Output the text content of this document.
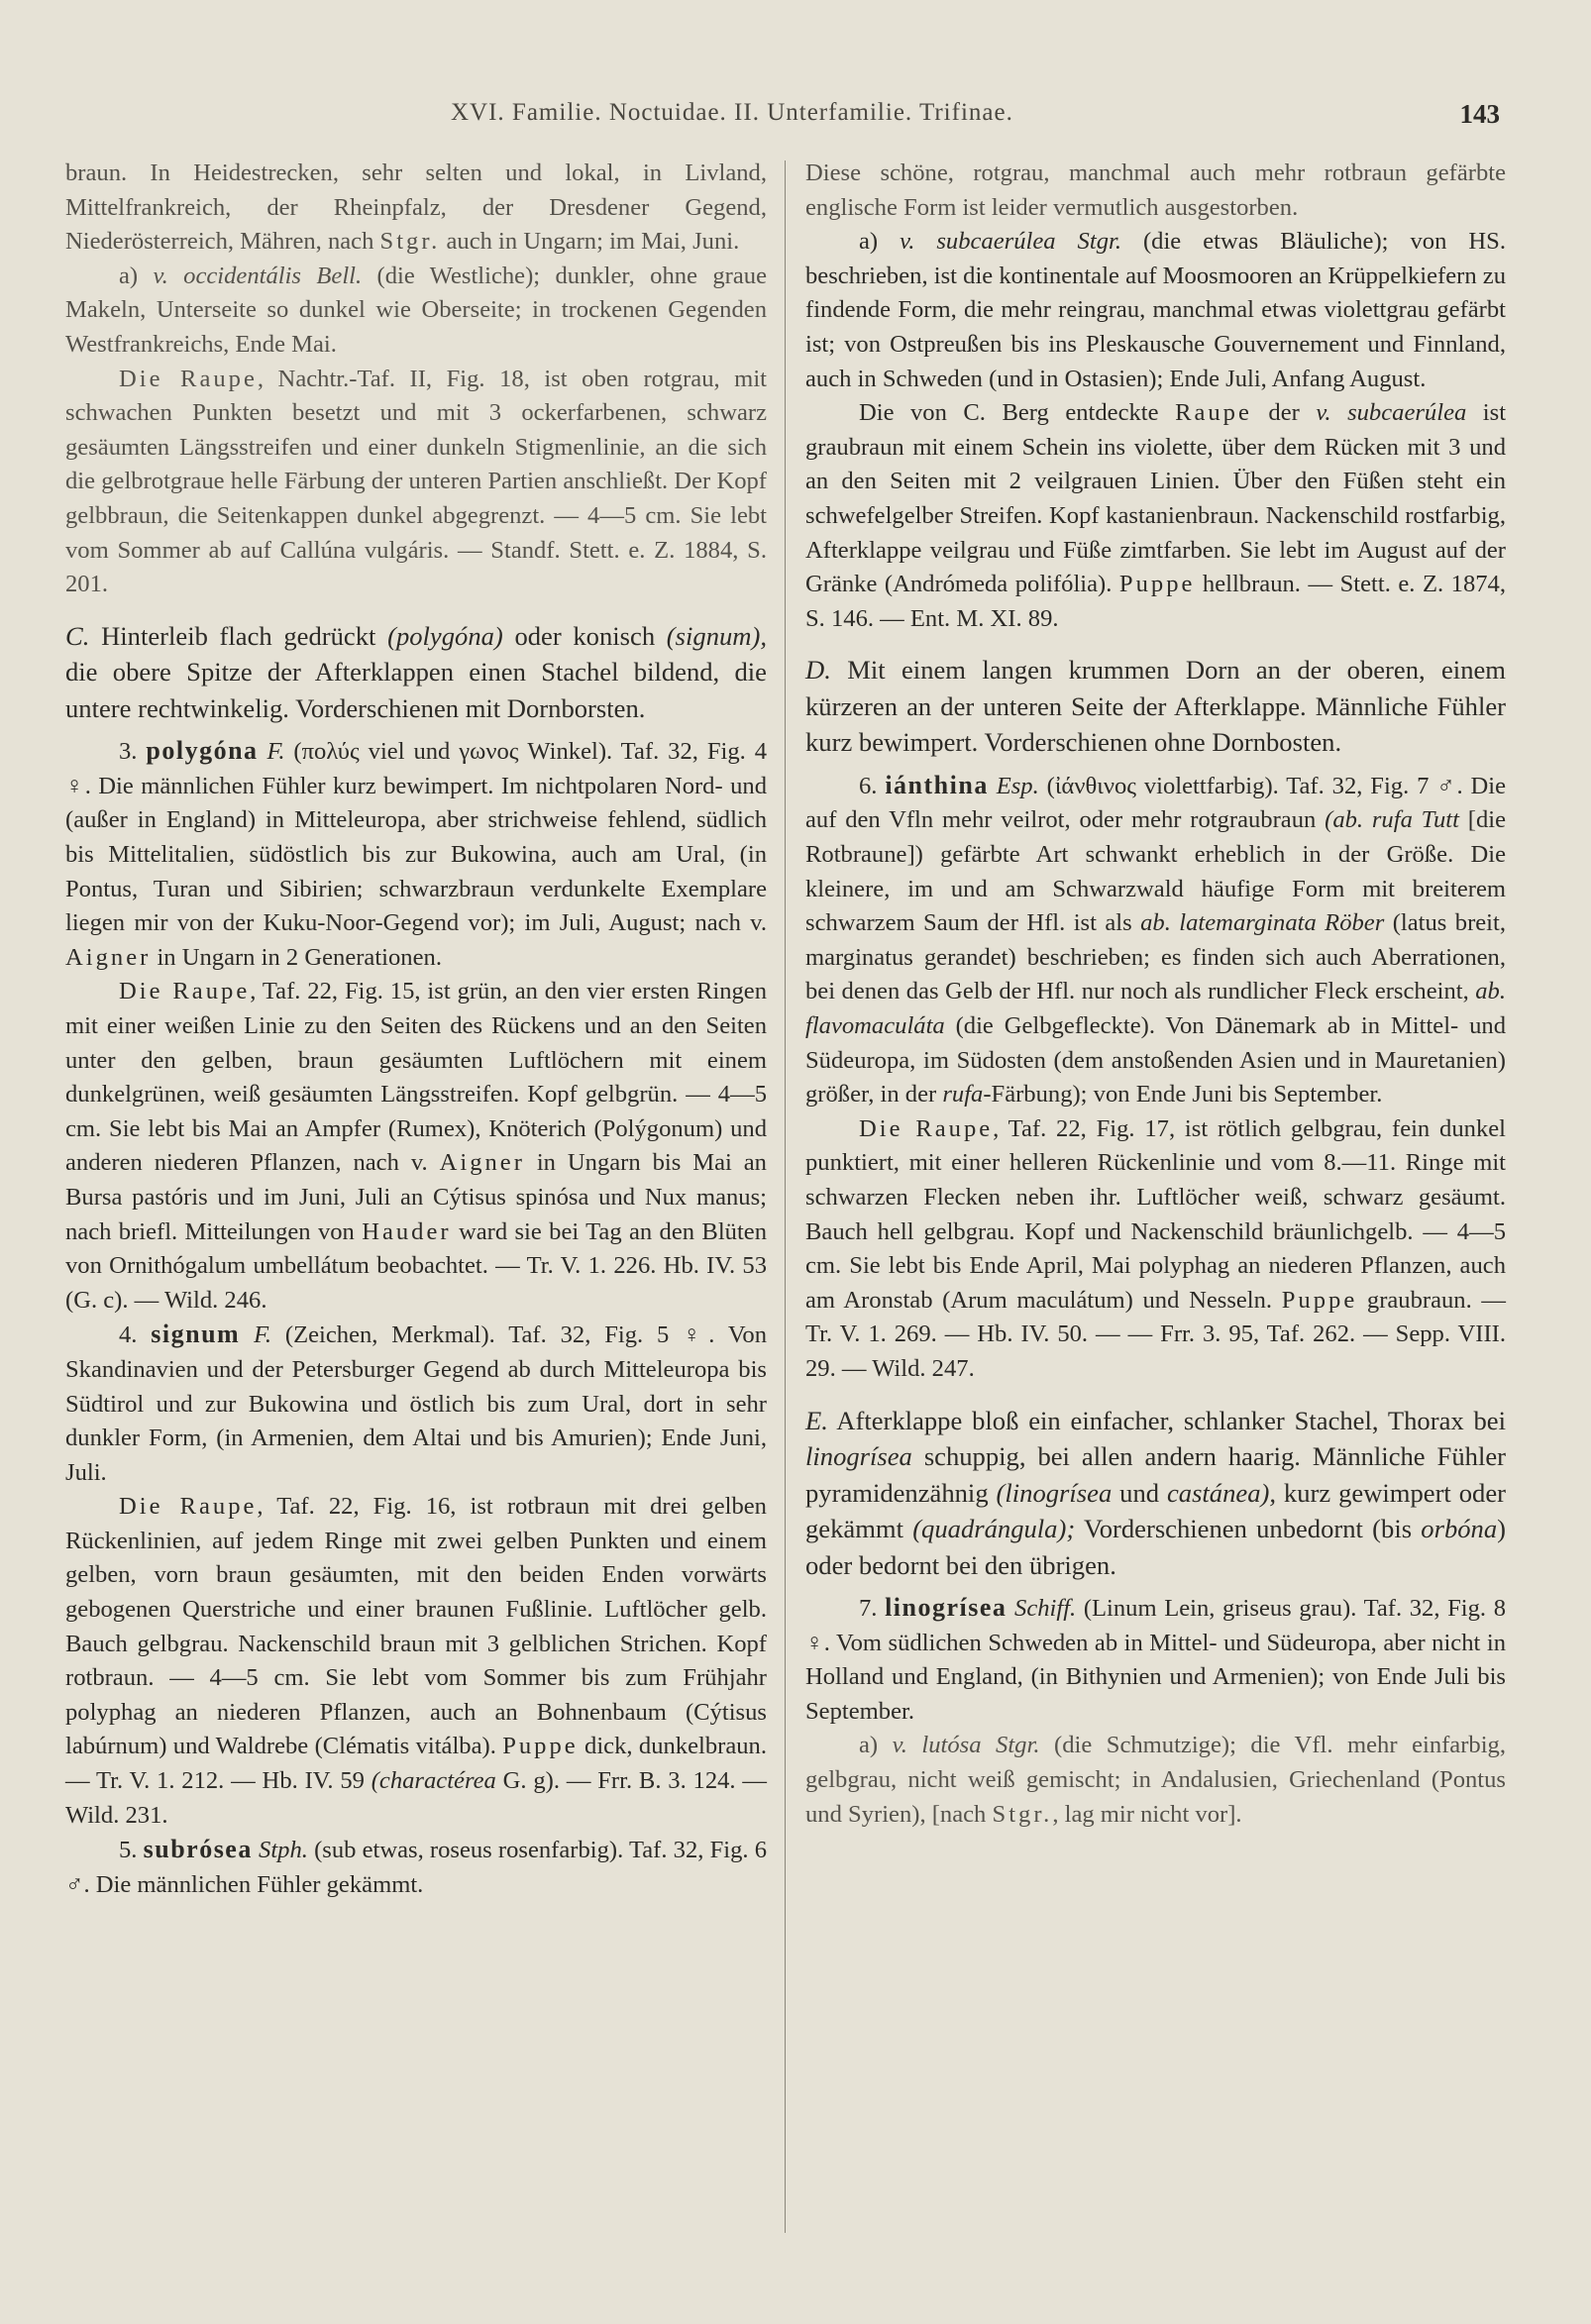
XVI. Familie. Noctuidae. II. Unterfamilie. Trifinae.	143

braun. In Heidestrecken, sehr selten und lokal, in Livland, Mittelfrankreich, der Rheinpfalz, der Dresdener Gegend, Niederösterreich, Mähren, nach Stgr. auch in Ungarn; im Mai, Juni.

a) v. occidentális Bell. (die Westliche); dunkler, ohne graue Makeln, Unterseite so dunkel wie Oberseite; in trockenen Gegenden Westfrankreichs, Ende Mai.

Die Raupe, Nachtr.-Taf. II, Fig. 18, ist oben rotgrau, mit schwachen Punkten besetzt und mit 3 ockerfarbenen, schwarz gesäumten Längsstreifen und einer dunkeln Stigmenlinie, an die sich die gelbrotgraue helle Färbung der unteren Partien anschließt. Der Kopf gelbbraun, die Seitenkappen dunkel abgegrenzt. — 4—5 cm. Sie lebt vom Sommer ab auf Callúna vulgáris. — Standf. Stett. e. Z. 1884, S. 201.

C. Hinterleib flach gedrückt (polygóna) oder konisch (signum), die obere Spitze der Afterklappen einen Stachel bildend, die untere rechtwinkelig. Vorderschienen mit Dornborsten.

3. polygóna F. (πολύς viel und γωνος Winkel). Taf. 32, Fig. 4 ♀. Die männlichen Fühler kurz bewimpert. Im nichtpolaren Nord- und (außer in England) in Mitteleuropa, aber strichweise fehlend, südlich bis Mittelitalien, südöstlich bis zur Bukowina, auch am Ural, (in Pontus, Turan und Sibirien; schwarzbraun verdunkelte Exemplare liegen mir von der Kuku-Noor-Gegend vor); im Juli, August; nach v. Aigner in Ungarn in 2 Generationen.

Die Raupe, Taf. 22, Fig. 15, ist grün, an den vier ersten Ringen mit einer weißen Linie zu den Seiten des Rückens und an den Seiten unter den gelben, braun gesäumten Luftlöchern mit einem dunkelgrünen, weiß gesäumten Längsstreifen. Kopf gelbgrün. — 4—5 cm. Sie lebt bis Mai an Ampfer (Rumex), Knöterich (Polýgonum) und anderen niederen Pflanzen, nach v. Aigner in Ungarn bis Mai an Bursa pastóris und im Juni, Juli an Cýtisus spinósa und Nux manus; nach briefl. Mitteilungen von Hauder ward sie bei Tag an den Blüten von Ornithógalum umbellátum beobachtet. — Tr. V. 1. 226. Hb. IV. 53 (G. c). — Wild. 246.

4. signum F. (Zeichen, Merkmal). Taf. 32, Fig. 5 ♀. Von Skandinavien und der Petersburger Gegend ab durch Mitteleuropa bis Südtirol und zur Bukowina und östlich bis zum Ural, dort in sehr dunkler Form, (in Armenien, dem Altai und bis Amurien); Ende Juni, Juli.

Die Raupe, Taf. 22, Fig. 16, ist rotbraun mit drei gelben Rückenlinien, auf jedem Ringe mit zwei gelben Punkten und einem gelben, vorn braun gesäumten, mit den beiden Enden vorwärts gebogenen Querstriche und einer braunen Fußlinie. Luftlöcher gelb. Bauch gelbgrau. Nackenschild braun mit 3 gelblichen Strichen. Kopf rotbraun. — 4—5 cm. Sie lebt vom Sommer bis zum Frühjahr polyphag an niederen Pflanzen, auch an Bohnenbaum (Cýtisus labúrnum) und Waldrebe (Clématis vitálba). Puppe dick, dunkelbraun. — Tr. V. 1. 212. — Hb. IV. 59 (charactérea G. g). — Frr. B. 3. 124. — Wild. 231.

5. subrósea Stph. (sub etwas, roseus rosenfarbig). Taf. 32, Fig. 6 ♂. Die männlichen Fühler gekämmt.

Diese schöne, rotgrau, manchmal auch mehr rotbraun gefärbte englische Form ist leider vermutlich ausgestorben.

a) v. subcaerúlea Stgr. (die etwas Bläuliche); von HS. beschrieben, ist die kontinentale auf Moosmooren an Krüppelkiefern zu findende Form, die mehr reingrau, manchmal etwas violettgrau gefärbt ist; von Ostpreußen bis ins Pleskausche Gouvernement und Finnland, auch in Schweden (und in Ostasien); Ende Juli, Anfang August.

Die von C. Berg entdeckte Raupe der v. subcaerúlea ist graubraun mit einem Schein ins violette, über dem Rücken mit 3 und an den Seiten mit 2 veilgrauen Linien. Über den Füßen steht ein schwefelgelber Streifen. Kopf kastanienbraun. Nackenschild rostfarbig, Afterklappe veilgrau und Füße zimtfarben. Sie lebt im August auf der Gränke (Andrómeda polifólia). Puppe hellbraun. — Stett. e. Z. 1874, S. 146. — Ent. M. XI. 89.

D. Mit einem langen krummen Dorn an der oberen, einem kürzeren an der unteren Seite der Afterklappe. Männliche Fühler kurz bewimpert. Vorderschienen ohne Dornbosten.

6. iánthina Esp. (ἰάνθινος violettfarbig). Taf. 32, Fig. 7 ♂. Die auf den Vfln mehr veilrot, oder mehr rotgraubraun (ab. rufa Tutt [die Rotbraune]) gefärbte Art schwankt erheblich in der Größe. Die kleinere, im und am Schwarzwald häufige Form mit breiterem schwarzem Saum der Hfl. ist als ab. latemarginata Röber (latus breit, marginatus gerandet) beschrieben; es finden sich auch Aberrationen, bei denen das Gelb der Hfl. nur noch als rundlicher Fleck erscheint, ab. flavomaculáta (die Gelbgefleckte). Von Dänemark ab in Mittel- und Südeuropa, im Südosten (dem anstoßenden Asien und in Mauretanien) größer, in der rufa-Färbung); von Ende Juni bis September.

Die Raupe, Taf. 22, Fig. 17, ist rötlich gelbgrau, fein dunkel punktiert, mit einer helleren Rückenlinie und vom 8.—11. Ringe mit schwarzen Flecken neben ihr. Luftlöcher weiß, schwarz gesäumt. Bauch hell gelbgrau. Kopf und Nackenschild bräunlichgelb. — 4—5 cm. Sie lebt bis Ende April, Mai polyphag an niederen Pflanzen, auch am Aronstab (Arum maculátum) und Nesseln. Puppe graubraun. — Tr. V. 1. 269. — Hb. IV. 50. — — Frr. 3. 95, Taf. 262. — Sepp. VIII. 29. — Wild. 247.

E. Afterklappe bloß ein einfacher, schlanker Stachel, Thorax bei linogrísea schuppig, bei allen andern haarig. Männliche Fühler pyramidenzähnig (linogrísea und castánea), kurz gewimpert oder gekämmt (quadrángula); Vorderschienen unbedornt (bis orbóna) oder bedornt bei den übrigen.

7. linogrísea Schiff. (Linum Lein, griseus grau). Taf. 32, Fig. 8 ♀. Vom südlichen Schweden ab in Mittel- und Südeuropa, aber nicht in Holland und England, (in Bithynien und Armenien); von Ende Juli bis September.

a) v. lutósa Stgr. (die Schmutzige); die Vfl. mehr einfarbig, gelbgrau, nicht weiß gemischt; in Andalusien, Griechenland (Pontus und Syrien), [nach Stgr., lag mir nicht vor].
